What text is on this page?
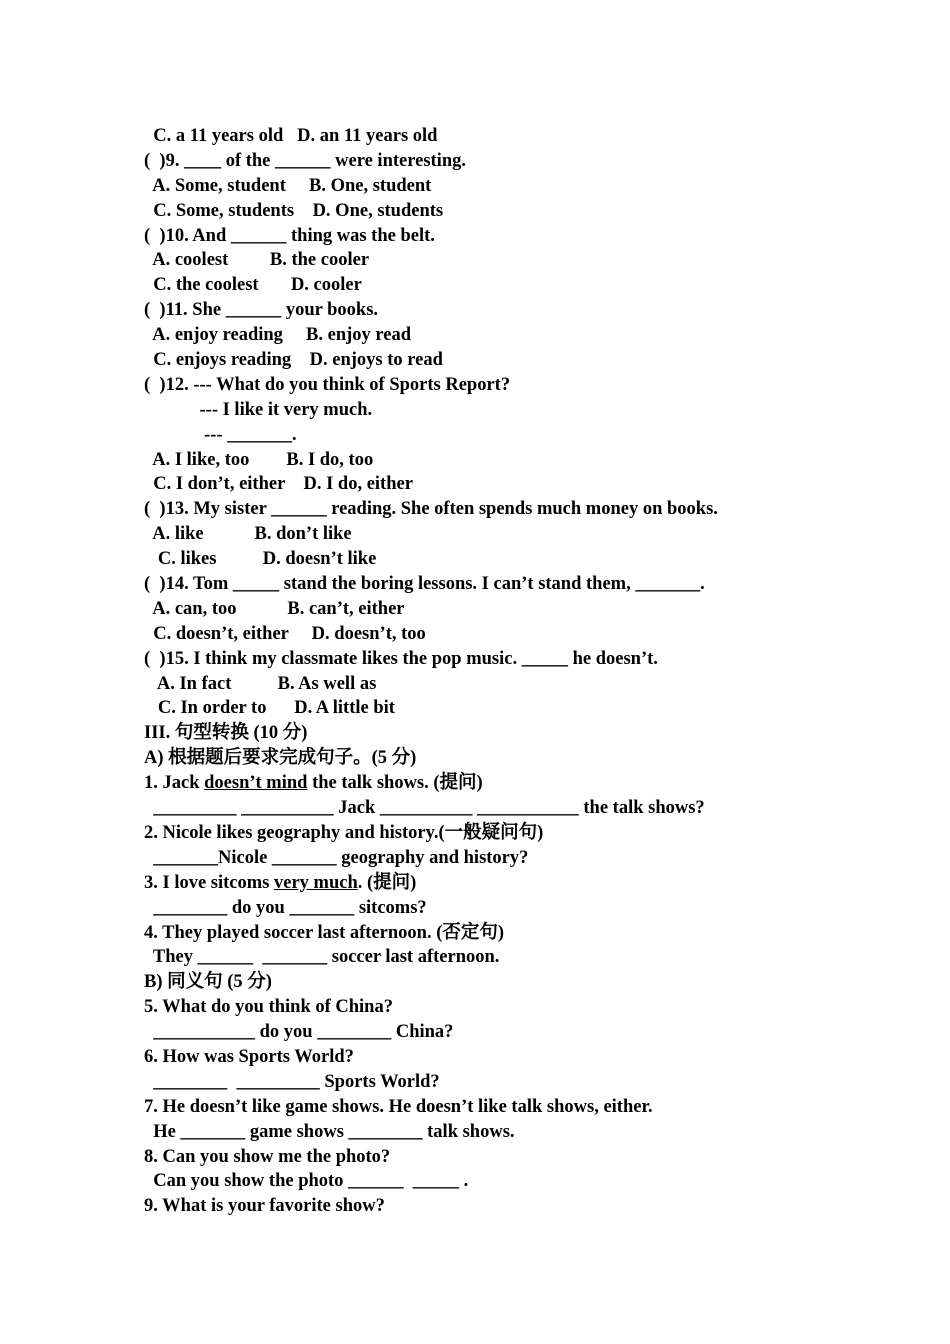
C. a 11 years old   D. an 11 years old
(  )9. ____ of the ______ were interesting.
A. Some, student     B. One, student
C. Some, students    D. One, students
(  )10. And ______ thing was the belt.
A. coolest         B. the cooler
C. the coolest       D. cooler
(  )11. She ______ your books.
A. enjoy reading     B. enjoy read
C. enjoys reading    D. enjoys to read
(  )12. --- What do you think of Sports Report?
--- I like it very much.
--- _______.
A. I like, too        B. I do, too
C. I don’t, either    D. I do, either
(  )13. My sister ______ reading. She often spends much money on books.
A. like           B. don’t like
C. likes          D. doesn’t like
(  )14. Tom _____ stand the boring lessons. I can’t stand them, _______.
A. can, too           B. can’t, either
C. doesn’t, either     D. doesn’t, too
(  )15. I think my classmate likes the pop music. _____ he doesn’t.
A. In fact          B. As well as
C. In order to      D. A little bit
III. 句型转换 (10 分)
A) 根据题后要求完成句子。(5 分)
1. Jack doesn’t mind the talk shows. (提问)
_________ __________ Jack __________ ___________ the talk shows?
2. Nicole likes geography and history.(一般疑问句)
_______Nicole _______ geography and history?
3. I love sitcoms very much. (提问)
________ do you _______ sitcoms?
4. They played soccer last afternoon. (否定句)
They ______  _______ soccer last afternoon.
B) 同义句 (5 分)
5. What do you think of China?
___________ do you ________ China?
6. How was Sports World?
________  _________ Sports World?
7. He doesn’t like game shows. He doesn’t like talk shows, either.
He _______ game shows ________ talk shows.
8. Can you show me the photo?
Can you show the photo ______  _____ .
9. What is your favorite show?
